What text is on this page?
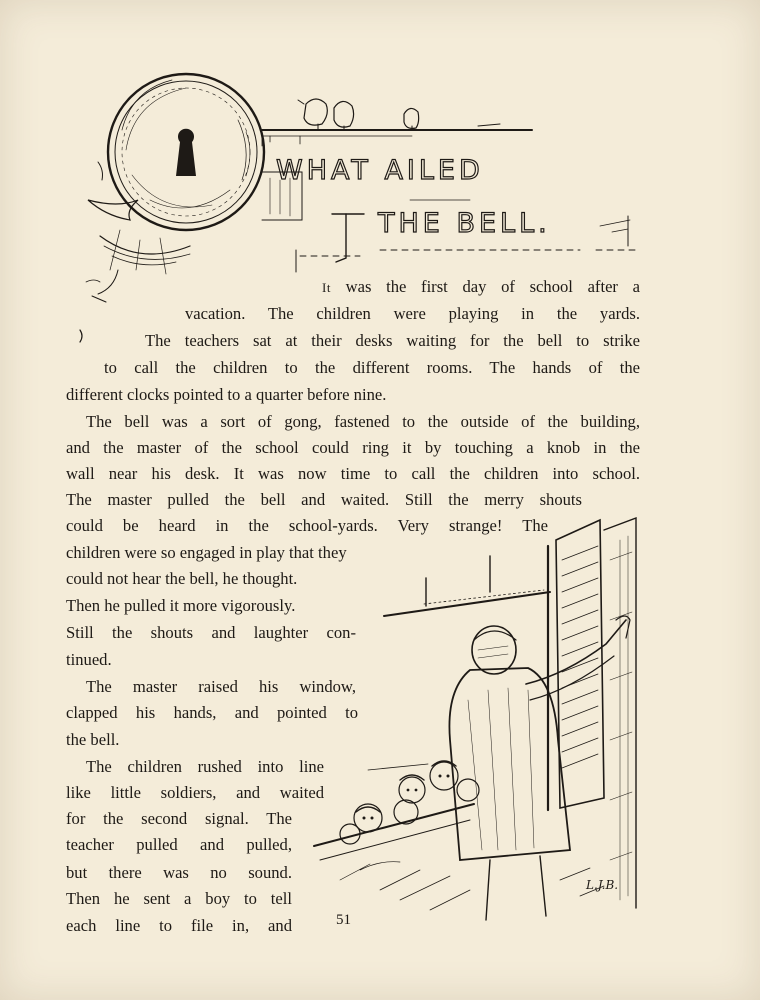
WHAT AILED
THE BELL.
It was the first day of school after a
vacation. The children were playing in the yards.
The teachers sat at their desks waiting for the bell to strike
to call the children to the different rooms. The hands of the
different clocks pointed to a quarter before nine.
The bell was a sort of gong, fastened to the outside of the building,
and the master of the school could ring it by touching a knob in the
wall near his desk. It was now time to call the children into school.
The master pulled the bell and waited. Still the merry shouts
could be heard in the school-yards. Very strange! The
children were so engaged in play that they
could not hear the bell, he thought.
Then he pulled it more vigorously.
Still the shouts and laughter con-
tinued.
The master raised his window,
clapped his hands, and pointed to
the bell.
The children rushed into line
like little soldiers, and waited
for the second signal. The
teacher pulled and pulled,
but there was no sound.
Then he sent a boy to tell
each line to file in, and
L.J.B.
51
